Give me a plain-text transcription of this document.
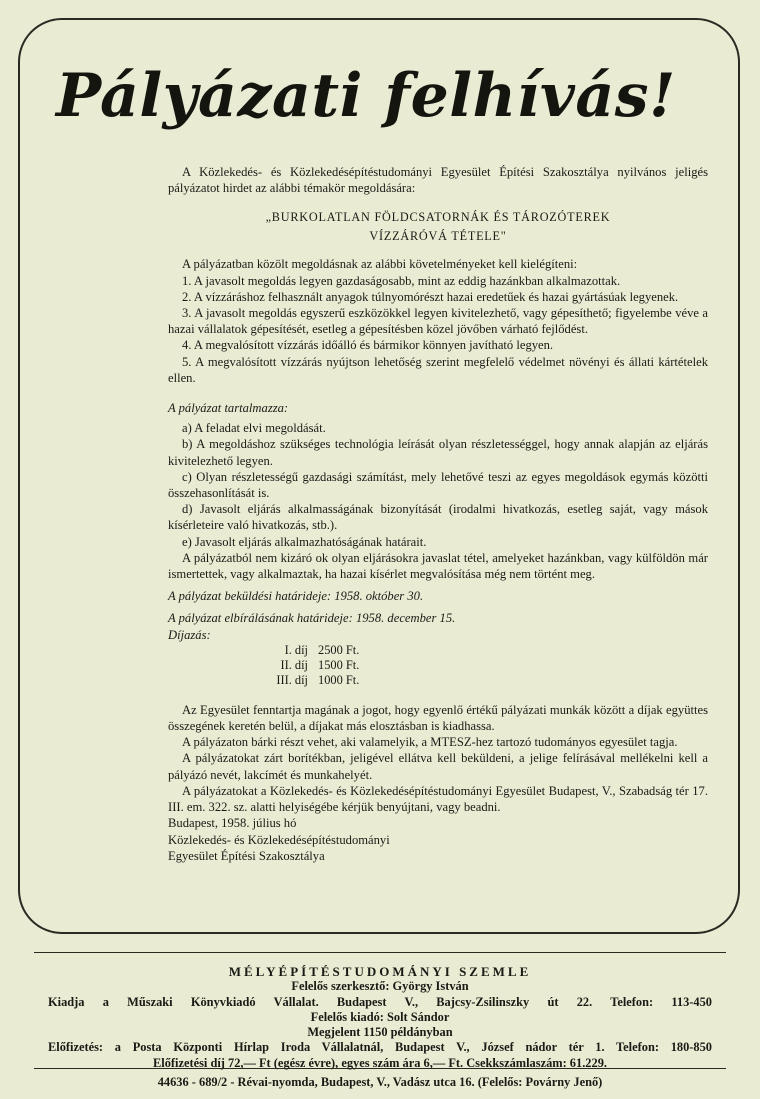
Pályázati felhívás!

A Közlekedés- és Közlekedésépítéstudományi Egyesület Építési Szakosztálya nyilvános jeligés pályázatot hirdet az alábbi témakör megoldására:

„BURKOLATLAN FÖLDCSATORNÁK ÉS TÁROZÓTEREK
VÍZZÁRÓVÁ TÉTELE"

A pályázatban közölt megoldásnak az alábbi követelményeket kell kielégíteni:

1. A javasolt megoldás legyen gazdaságosabb, mint az eddig hazánkban alkalmazottak.

2. A vízzáráshoz felhasznált anyagok túlnyomórészt hazai eredetűek és hazai gyártásúak legyenek.

3. A javasolt megoldás egyszerű eszközökkel legyen kivitelezhető, vagy gépesíthető; figyelembe véve a hazai vállalatok gépesítését, esetleg a gépesítésben közel jövőben várható fejlődést.

4. A megvalósított vízzárás időálló és bármikor könnyen javítható legyen.

5. A megvalósított vízzárás nyújtson lehetőség szerint megfelelő védelmet növényi és állati kártételek ellen.

A pályázat tartalmazza:

a) A feladat elvi megoldását.

b) A megoldáshoz szükséges technológia leírását olyan részletességgel, hogy annak alapján az eljárás kivitelezhető legyen.

c) Olyan részletességű gazdasági számítást, mely lehetővé teszi az egyes megoldások egymás közötti összehasonlítását is.

d) Javasolt eljárás alkalmasságának bizonyítását (irodalmi hivatkozás, esetleg saját, vagy mások kísérleteire való hivatkozás, stb.).

e) Javasolt eljárás alkalmazhatóságának határait.

A pályázatból nem kizáró ok olyan eljárásokra javaslat tétel, amelyeket hazánkban, vagy külföldön már ismertettek, vagy alkalmaztak, ha hazai kísérlet megvalósítása még nem történt meg.

A pályázat beküldési határideje: 1958. október 30.

A pályázat elbírálásának határideje: 1958. december 15.

Díjazás:

I. díj	2500 Ft.
II. díj	1500 Ft.
III. díj	1000 Ft.

Az Egyesület fenntartja magának a jogot, hogy egyenlő értékű pályázati munkák között a díjak együttes összegének keretén belül, a díjakat más elosztásban is kiadhassa.

A pályázaton bárki részt vehet, aki valamelyik, a MTESZ-hez tartozó tudományos egyesület tagja.

A pályázatokat zárt borítékban, jeligével ellátva kell beküldeni, a jelige felírásával mellékelni kell a pályázó nevét, lakcímét és munkahelyét.

A pályázatokat a Közlekedés- és Közlekedésépítéstudományi Egyesület Budapest, V., Szabadság tér 17. III. em. 322. sz. alatti helyiségébe kérjük benyújtani, vagy beadni.

Budapest, 1958. július hó

Közlekedés- és Közlekedésépítéstudományi

Egyesület Építési Szakosztálya

MÉLYÉPÍTÉSTUDOMÁNYI SZEMLE
Felelős szerkesztő: György István
Kiadja a Műszaki Könyvkiadó Vállalat. Budapest V., Bajcsy-Zsilinszky út 22. Telefon: 113-450
Felelős kiadó: Solt Sándor
Megjelent 1150 példányban
Előfizetés: a Posta Központi Hírlap Iroda Vállalatnál, Budapest V., József nádor tér 1. Telefon: 180-850
Előfizetési díj 72,— Ft (egész évre), egyes szám ára 6,— Ft. Csekkszámlaszám: 61.229.
44636 - 689/2 - Révai-nyomda, Budapest, V., Vadász utca 16. (Felelős: Povárny Jenő)
